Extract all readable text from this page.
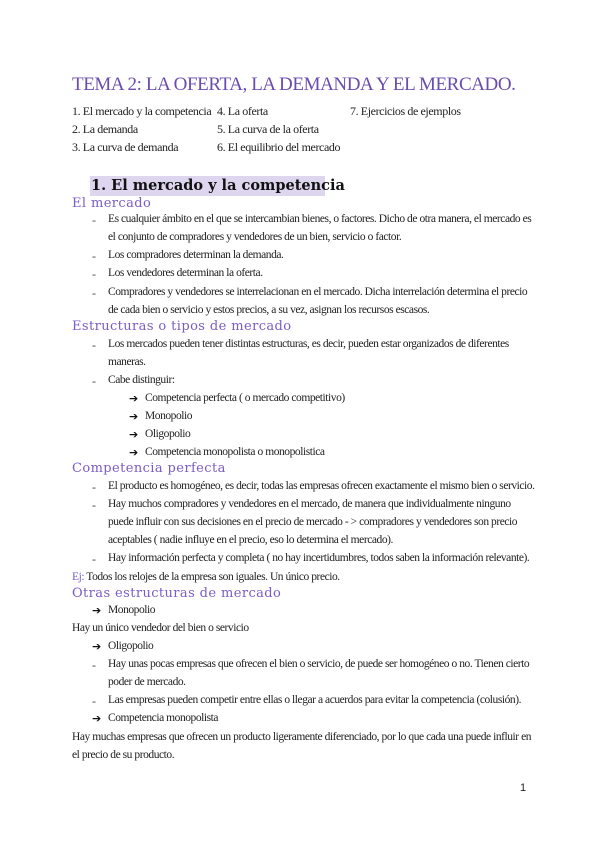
TEMA 2: LA OFERTA, LA DEMANDA Y EL MERCADO.
1. El mercado y la competencia
2. La demanda
3. La curva de demanda
4. La oferta
5. La curva de la oferta
6. El equilibrio del mercado
7. Ejercicios de ejemplos
1. El mercado y la competencia
El mercado
- Es cualquier ámbito en el que se intercambian bienes, o factores. Dicho de otra manera, el mercado es
el conjunto de compradores y vendedores de un bien, servicio o factor.
- Los compradores determinan la demanda.
- Los vendedores determinan la oferta.
- Compradores y vendedores se interrelacionan en el mercado. Dicha interrelación determina el precio
de cada bien o servicio y estos precios, a su vez, asignan los recursos escasos.
Estructuras o tipos de mercado
- Los mercados pueden tener distintas estructuras, es decir, pueden estar organizados de diferentes
maneras.
- Cabe distinguir:
➔ Competencia perfecta ( o mercado competitivo)
➔ Monopolio
➔ Oligopolio
➔ Competencia monopolista o monopolistica
Competencia perfecta
- El producto es homogéneo, es decir, todas las empresas ofrecen exactamente el mismo bien o servicio.
- Hay muchos compradores y vendedores en el mercado, de manera que individualmente ninguno
puede influir con sus decisiones en el precio de mercado - > compradores y vendedores son precio
aceptables ( nadie influye en el precio, eso lo determina el mercado).
- Hay información perfecta y completa ( no hay incertidumbres, todos saben la información relevante).
Ej: Todos los relojes de la empresa son iguales. Un único precio.
Otras estructuras de mercado
➔ Monopolio
Hay un único vendedor del bien o servicio
➔ Oligopolio
- Hay unas pocas empresas que ofrecen el bien o servicio, de puede ser homogéneo o no. Tienen cierto
poder de mercado.
- Las empresas pueden competir entre ellas o llegar a acuerdos para evitar la competencia (colusión).
➔ Competencia monopolista
Hay muchas empresas que ofrecen un producto ligeramente diferenciado, por lo que cada una puede influir en
el precio de su producto.
1
